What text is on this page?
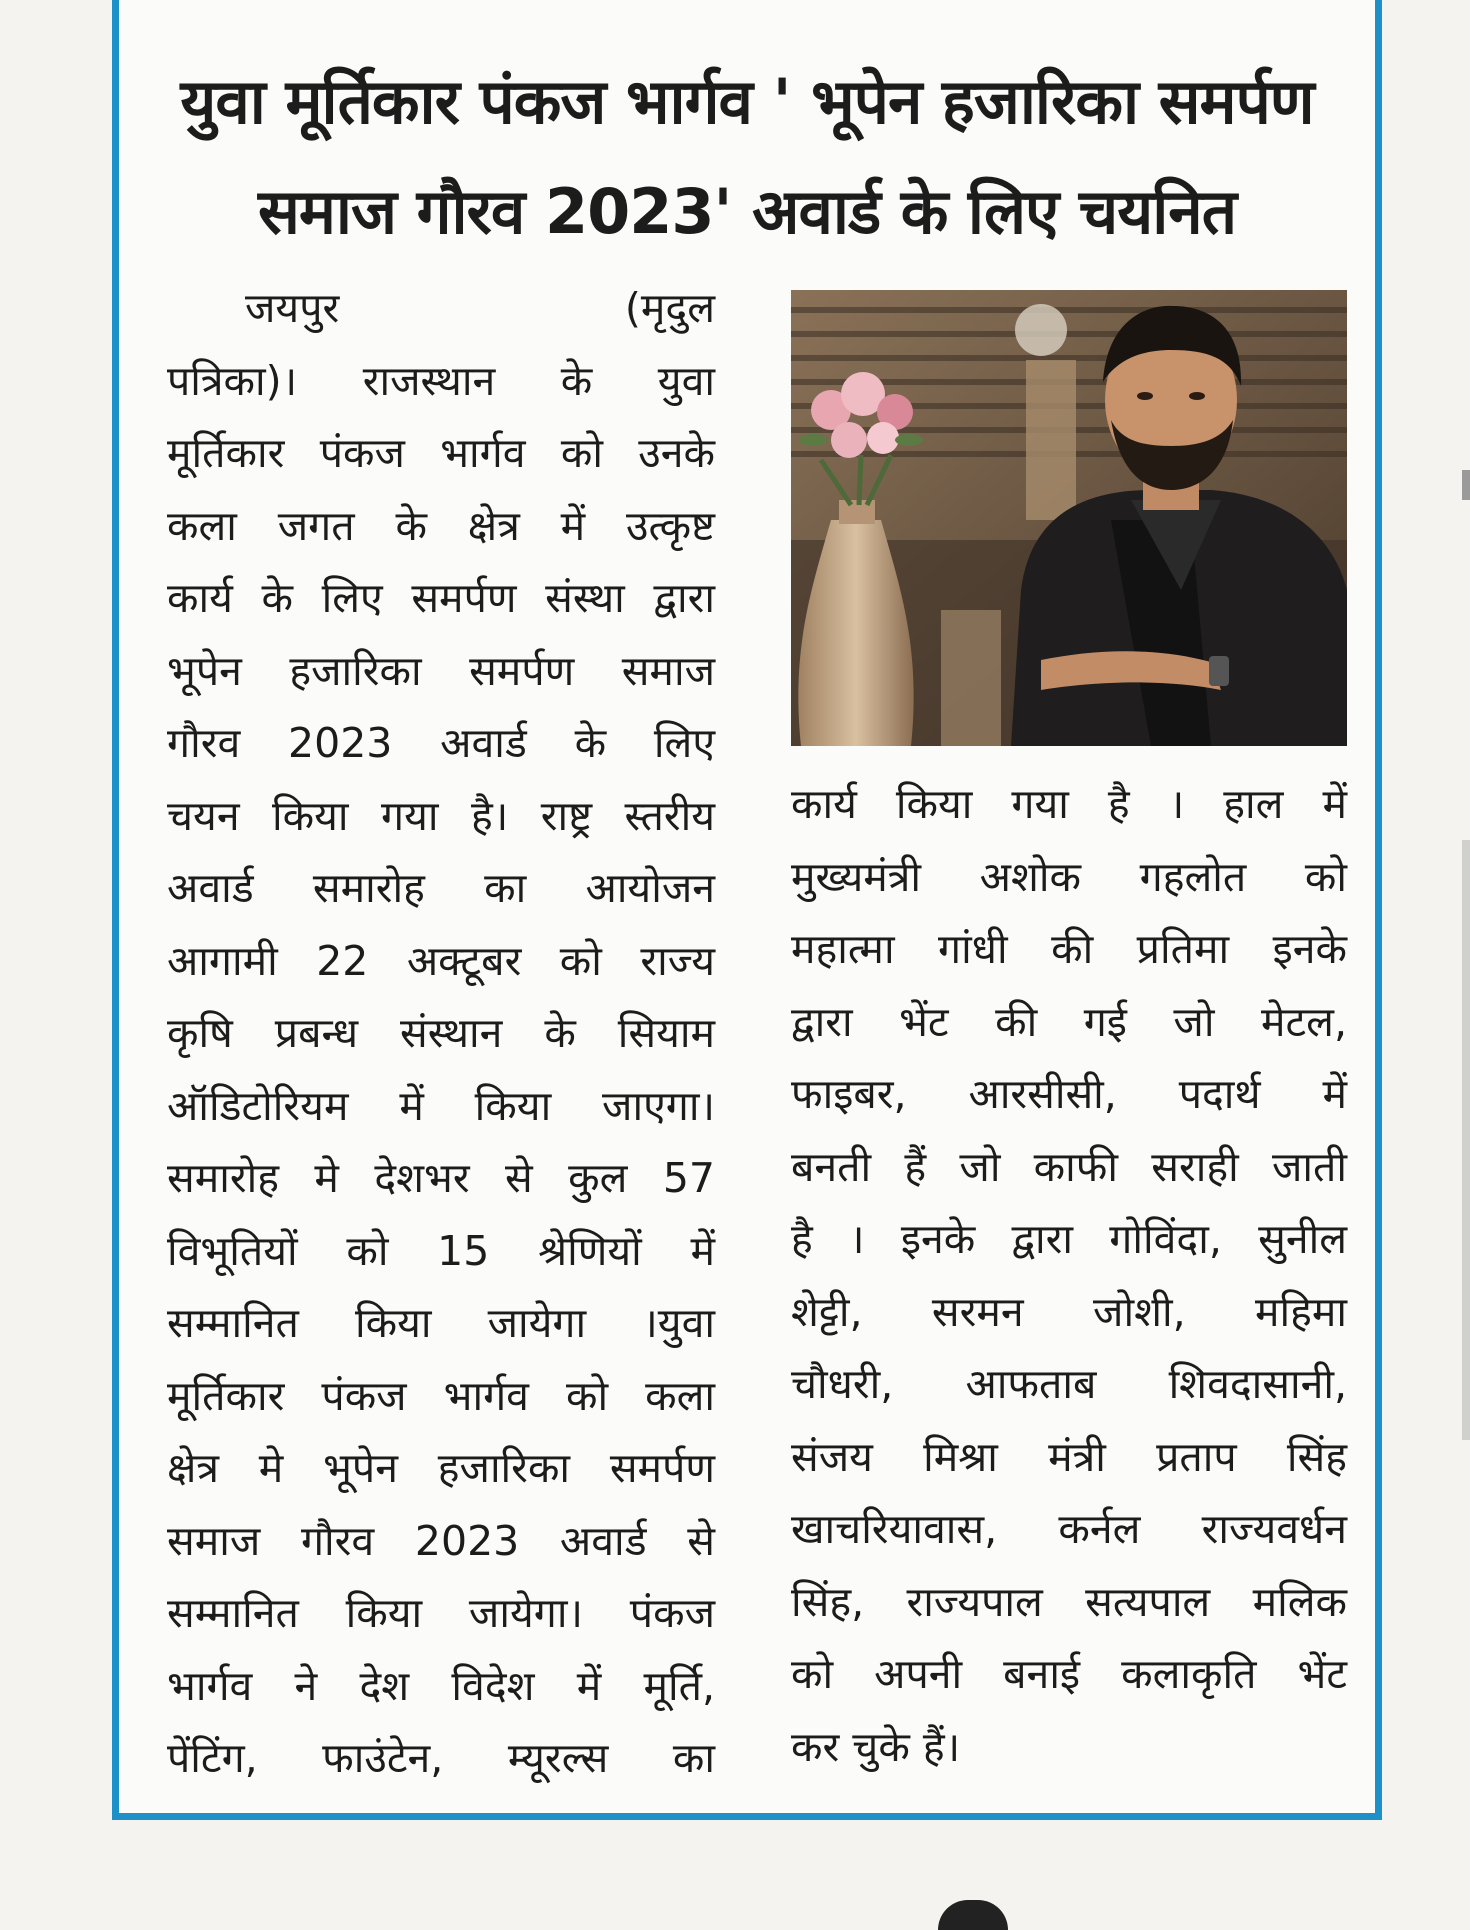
युवा मूर्तिकार पंकज भार्गव ' भूपेन हजारिका समर्पण
समाज गौरव 2023' अवार्ड के लिए चयनित
जयपुर	(मृदुल
पत्रिका)। राजस्थान के युवा
मूर्तिकार पंकज भार्गव को उनके
कला जगत के क्षेत्र में उत्कृष्ट
कार्य के लिए समर्पण संस्था द्वारा
भूपेन हजारिका समर्पण समाज
गौरव 2023 अवार्ड के लिए
चयन किया गया है। राष्ट्र स्तरीय
अवार्ड समारोह का आयोजन
आगामी 22 अक्टूबर को राज्य
कृषि प्रबन्ध संस्थान के सियाम
ऑडिटोरियम में किया जाएगा।
समारोह मे देशभर से कुल 57
विभूतियों को 15 श्रेणियों में
सम्मानित किया जायेगा ।युवा
मूर्तिकार पंकज भार्गव को कला
क्षेत्र मे भूपेन हजारिका समर्पण
समाज गौरव 2023 अवार्ड से
सम्मानित किया जायेगा। पंकज
भार्गव ने देश विदेश में मूर्ति,
पेंटिंग, फाउंटेन, म्यूरल्स का
कार्य किया गया है । हाल में
मुख्यमंत्री अशोक गहलोत को
महात्मा गांधी की प्रतिमा इनके
द्वारा भेंट की गई जो मेटल,
फाइबर, आरसीसी, पदार्थ में
बनती हैं जो काफी सराही जाती
है । इनके द्वारा गोविंदा, सुनील
शेट्टी, सरमन जोशी, महिमा
चौधरी, आफताब शिवदासानी,
संजय मिश्रा मंत्री प्रताप सिंह
खाचरियावास, कर्नल राज्यवर्धन
सिंह, राज्यपाल सत्यपाल मलिक
को अपनी बनाई कलाकृति भेंट
कर चुके हैं।
